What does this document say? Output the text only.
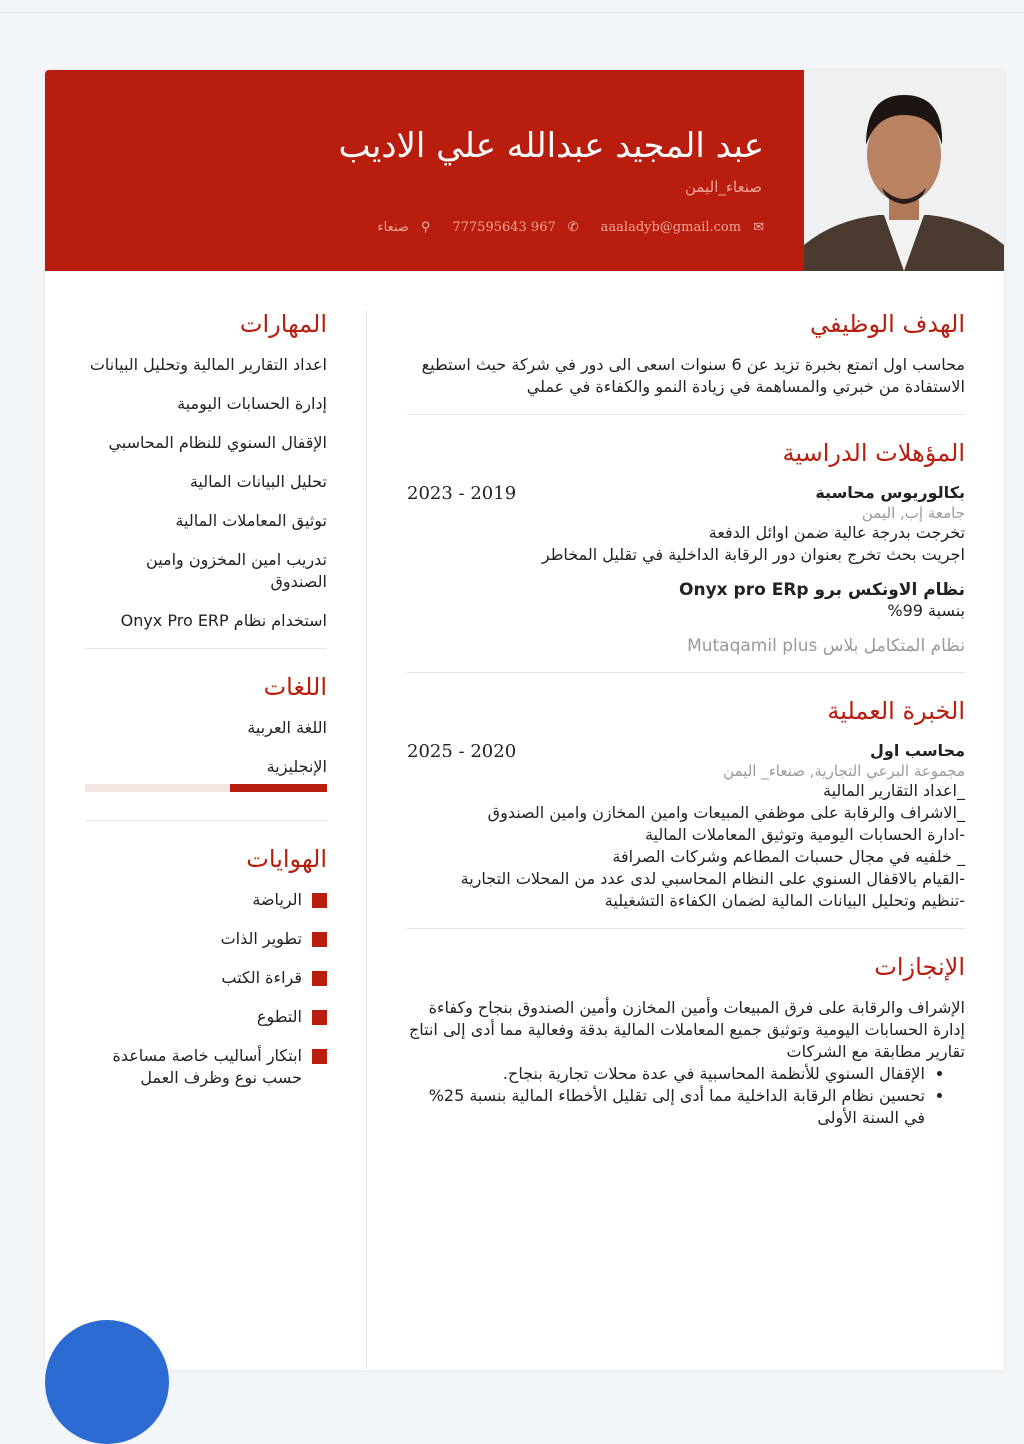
عبد المجيد عبدالله علي الاديب
صنعاء_اليمن
✉
aaaladyb@gmail.com
✆
777595643 967
⚲
صنعاء
الهدف الوظيفي
محاسب اول اتمتع بخبرة تزيد عن 6 سنوات اسعى الى دور في شركة حيث استطيع الاستفادة من خبرتي والمساهمة في زيادة النمو والكفاءة في عملي
المؤهلات الدراسية
بكالوريوس محاسبة
2023 - 2019
جامعة إب, اليمن
تخرجت بدرجة عالية ضمن اوائل الدفعة
اجريت بحث تخرج بعنوان دور الرقابة الداخلية في تقليل المخاطر
نظام الاونكس برو Onyx pro ERp
بنسبة 99%
نظام المتكامل بلاس Mutaqamil plus
الخبرة العملية
محاسب اول
2025 - 2020
مجموعة البرعي التجارية, صنعاء_ اليمن
_اعداد التقارير المالية
_الاشراف والرقابة على موظفي المبيعات وامين المخازن وامين الصندوق
-ادارة الحسابات اليومية وتوثيق المعاملات المالية
_ خلفيه في مجال حسبات المطاعم وشركات الصرافة
-القيام بالاقفال السنوي على النظام المحاسبي لدى عدد من المحلات التجارية
-تنظيم وتحليل البيانات المالية لضمان الكفاءة التشغيلية
الإنجازات
الإشراف والرقابة على فرق المبيعات وأمين المخازن وأمين الصندوق بنجاح وكفاءة
إدارة الحسابات اليومية وتوثيق جميع المعاملات المالية بدقة وفعالية مما أدى إلى انتاج تقارير مطابقة مع الشركات
• الإقفال السنوي للأنظمة المحاسبية في عدة محلات تجارية بنجاح.
• تحسين نظام الرقابة الداخلية مما أدى إلى تقليل الأخطاء المالية بنسبة 25% في السنة الأولى
المهارات
اعداد التقارير المالية وتحليل البيانات
إدارة الحسابات اليومية
الإقفال السنوي للنظام المحاسبي
تحليل البيانات المالية
توثيق المعاملات المالية
تدريب امين المخزون وامين الصندوق
استخدام نظام Onyx Pro ERP
اللغات
اللغة العربية
الإنجليزية
الهوايات
الرياضة
تطوير الذات
قراءة الكتب
التطوع
ابتكار أساليب خاصة مساعدة حسب نوع وظرف العمل
